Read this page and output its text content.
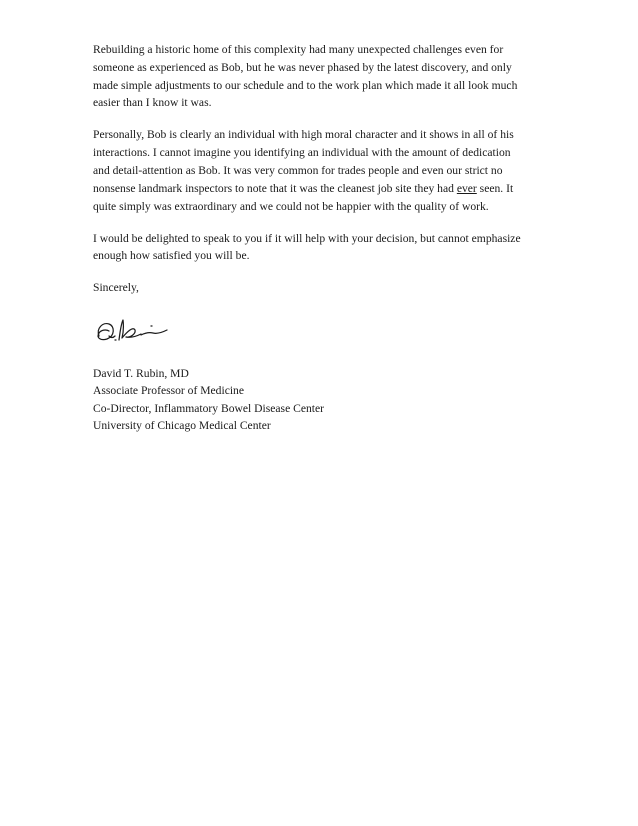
Rebuilding a historic home of this complexity had many unexpected challenges even for
someone as experienced as Bob, but he was never phased by the latest discovery, and only
made simple adjustments to our schedule and to the work plan which made it all look much
easier than I know it was.

Personally, Bob is clearly an individual with high moral character and it shows in all of his
interactions. I cannot imagine you identifying an individual with the amount of dedication
and detail-attention as Bob. It was very common for trades people and even our strict no
nonsense landmark inspectors to note that it was the cleanest job site they had ever seen. It
quite simply was extraordinary and we could not be happier with the quality of work.

I would be delighted to speak to you if it will help with your decision, but cannot emphasize
enough how satisfied you will be.

Sincerely,

David T. Rubin, MD
Associate Professor of Medicine
Co-Director, Inflammatory Bowel Disease Center
University of Chicago Medical Center
